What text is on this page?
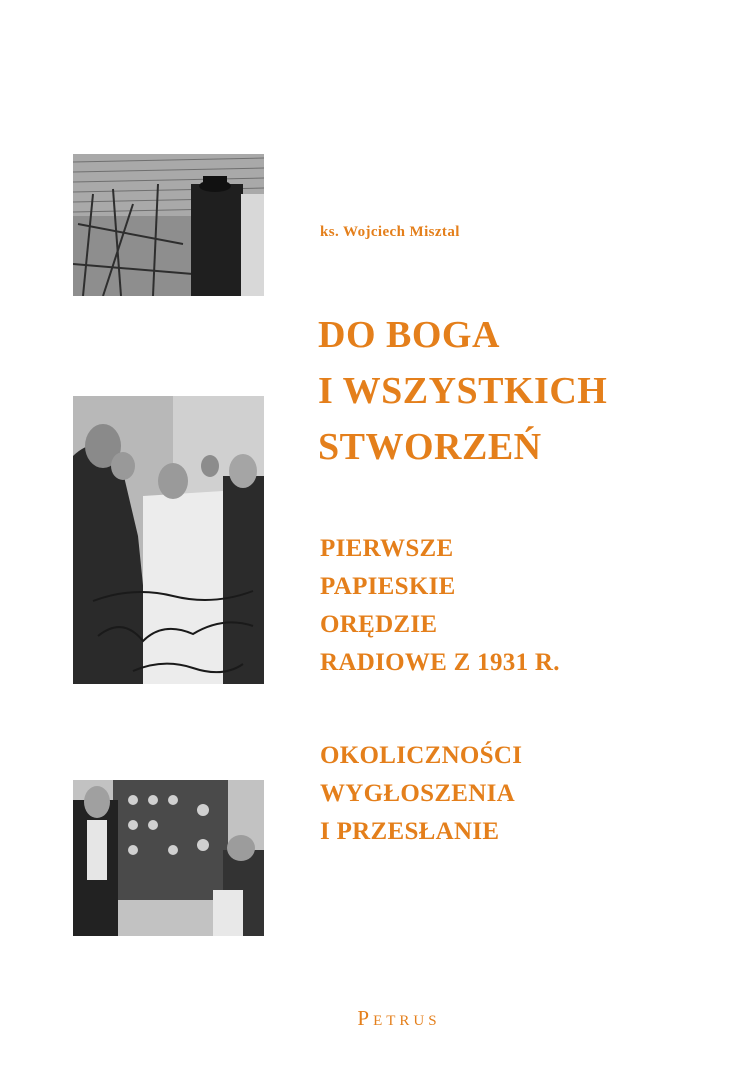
ks. Wojciech Misztal
DO BOGA
I WSZYSTKICH
STWORZEŃ
PIERWSZE
PAPIESKIE
ORĘDZIE
RADIOWE Z 1931 R.
OKOLICZNOŚCI
WYGŁOSZENIA
I PRZESŁANIE
Petrus
